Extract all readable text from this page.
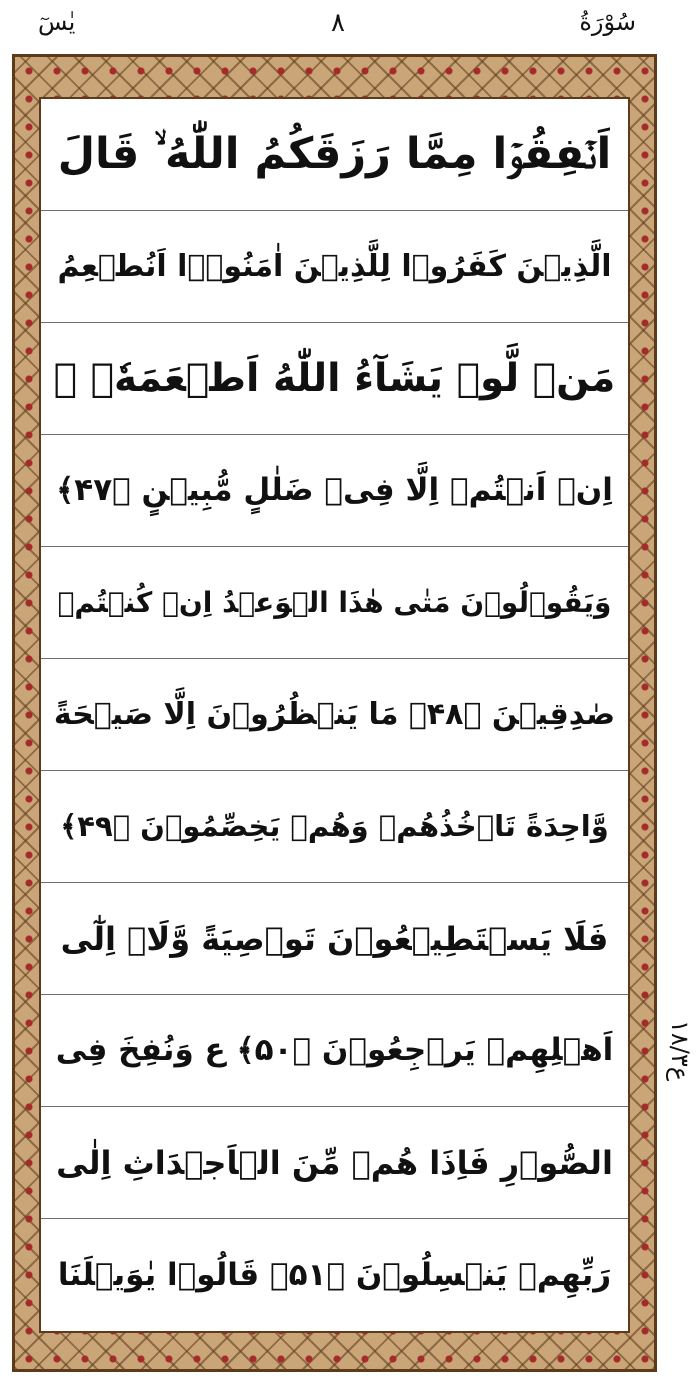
يٰسٓ	٨	سُوْرَةُ
اَنۡفِقُوۡا مِمَّا رَزَقَكُمُ اللّٰهُ ۙ قَالَ
الَّذِيۡنَ كَفَرُوۡا لِلَّذِيۡنَ اٰمَنُوۡۤا اَنُطۡعِمُ
مَنۡ لَّوۡ يَشَآءُ اللّٰهُ اَطۡعَمَهٗۤ ۖ
اِنۡ اَنۡتُمۡ اِلَّا فِىۡ ضَلٰلٍ مُّبِيۡنٍ ﴿۴۷﴾
وَيَقُوۡلُوۡنَ مَتٰى هٰذَا الۡوَعۡدُ اِنۡ كُنۡتُمۡ
صٰدِقِيۡنَ ﴿۴۸﴾ مَا يَنۡظُرُوۡنَ اِلَّا صَيۡحَةً
وَّاحِدَةً تَاۡخُذُهُمۡ وَهُمۡ يَخِصِّمُوۡنَ ﴿۴۹﴾
فَلَا يَسۡتَطِيۡعُوۡنَ تَوۡصِيَةً وَّلَاۤ اِلٰٓى
اَهۡلِهِمۡ يَرۡجِعُوۡنَ ﴿۵۰﴾ ع وَنُفِخَ فِى
الصُّوۡرِ فَاِذَا هُمۡ مِّنَ الۡاَجۡدَاثِ اِلٰى
رَبِّهِمۡ يَنۡسِلُوۡنَ ﴿۵۱﴾ قَالُوۡا يٰوَيۡلَنَا
ع١٨/٣
